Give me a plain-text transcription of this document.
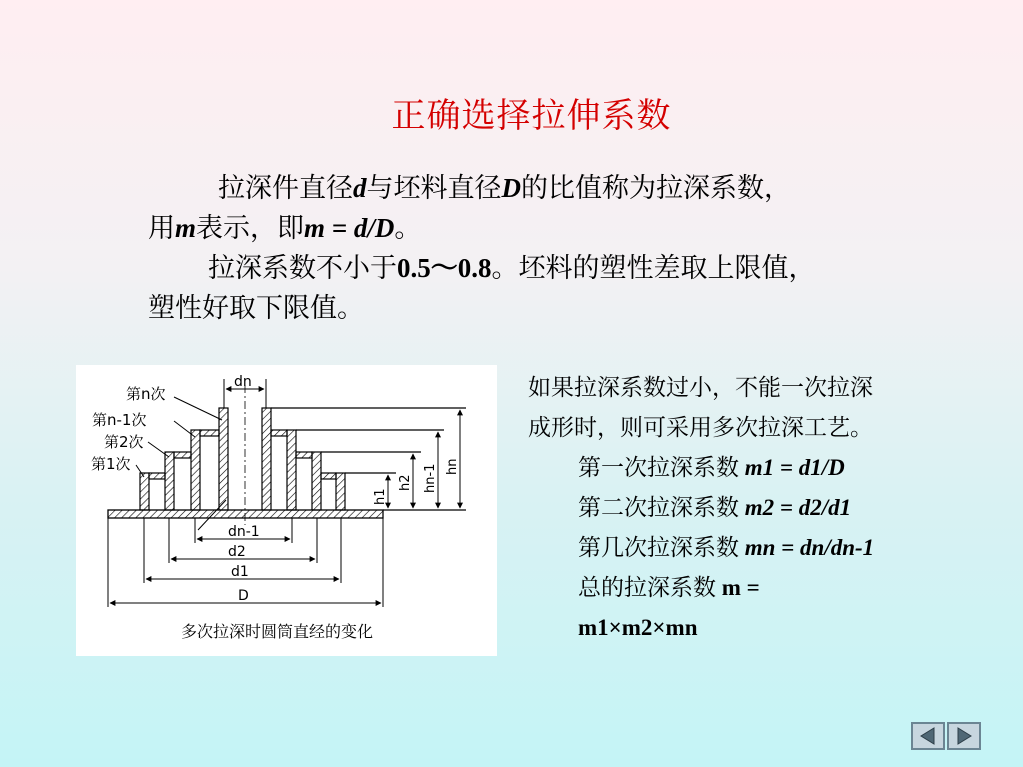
正确选择拉伸系数

拉深件直径d与坯料直径D的比值称为拉深系数，

用m表示，即m = d/D。

拉深系数不小于0.5～0.8。坯料的塑性差取上限值，

塑性好取下限值。

第n次
第n-1次
第2次
第1次
dn
dn-1
d2
d1
D
h1
h2 hn-1 hn
多次拉深时圆筒直经的变化

如果拉深系数过小，不能一次拉深

成形时，则可采用多次拉深工艺。

第一次拉深系数 m1 = d1/D

第二次拉深系数 m2 = d2/d1

第几次拉深系数 mn = dn/dn-1

总的拉深系数 m =

m1×m2×mn
